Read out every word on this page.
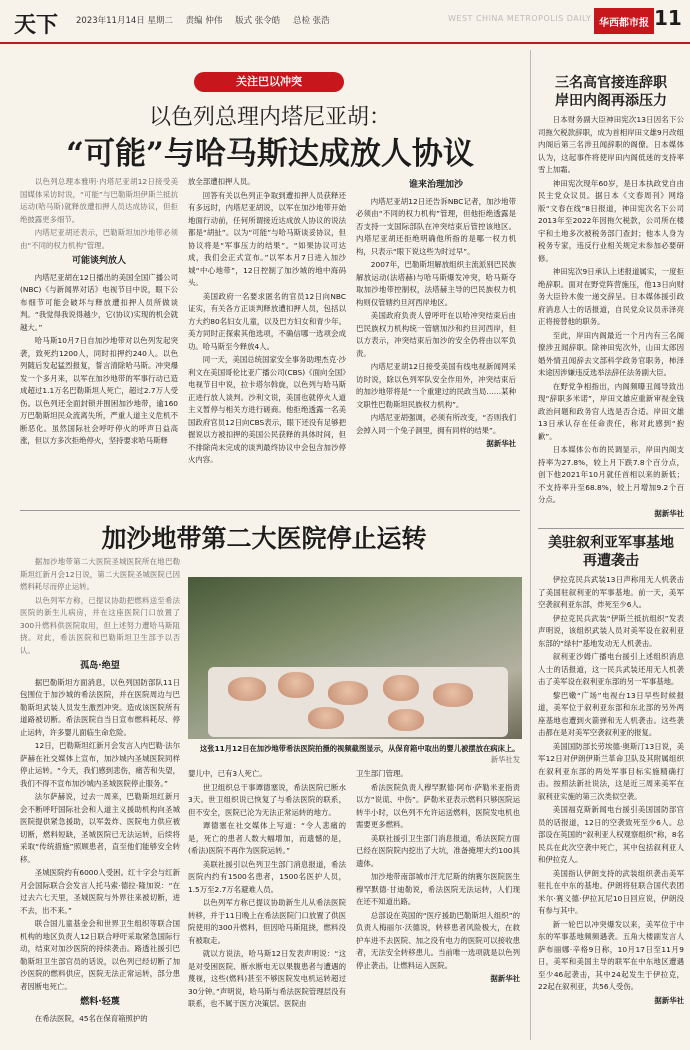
天下 2023年11月14日 星期二 责编 仲伟 版式 张令皓 总检 张浩	WEST CHINA METROPOLIS DAILY 华西都市报 11
关注巴以冲突
以色列总理内塔尼亚胡：
“可能”与哈马斯达成放人协议

以色列总理本雅明·内塔尼亚胡12日接受美国媒体采访时说，“可能”与巴勒斯坦伊斯兰抵抗运动(哈马斯)就释放遭扣押人员达成协议，但拒绝披露更多细节。

内塔尼亚胡还表示，巴勒斯坦加沙地带必须由“不同的权力机构”管理。

可能谈判放人

内塔尼亚胡在12日播出的美国全国广播公司(NBC)《与新闻界对话》电视节目中说，眼下公布细节可能会破坏与释放遭扣押人员所做谈判。“我觉得我说得越少，它(协议)实现的机会就越大。”

哈马斯10月7日自加沙地带对以色列发起突袭，致死约1200人，同时扣押约240人。以色列随后发起猛烈报复，誓言清除哈马斯。冲突爆发一个多月来，以军在加沙地带的军事行动已造成超过1.1万名巴勒斯坦人死亡，超过2.7万人受伤。以色列还全面封锁并围困加沙地带，逾160万巴勒斯坦民众流离失所，严重人道主义危机不断恶化。虽然国际社会呼吁停火的呼声日益高涨，但以方多次拒绝停火，坚持要求哈马斯释

放全部遭扣押人员。

回答有关以色列正争取到遭扣押人员获释还有多远时，内塔尼亚胡说，以军在加沙地带开始地面行动前，任何所谓接近达成放人协议的说法都是“胡扯”。以为“可能”与哈马斯谈妥协议，但协议将是“军事压力的结果”。“如果协议可达成，我们会正式宣布。”以军本月7日进入加沙城“中心地带”，12日控制了加沙城的地中海码头。

美国政府一名要求匿名的官员12日向NBC证实，有关各方正谈判释放遭扣押人员，包括以方大约80名妇女儿童，以及巴方妇女和青少年。美方同时正探索其他选项，不确信哪一选项会成功。哈马斯至今释放4人。

同一天，美国总统国家安全事务助理杰克·沙利文在美国哥伦比亚广播公司(CBS)《面向全国》电视节目中说，拉卡塔尔斡旋，以色列与哈马斯正进行放人谈判。沙利文说，美国也就停火人道主义暂停与相关方进行磋商。他拒绝透露一名美国政府官员12日向CBS表示，眼下还没有足够把握说以方被扣押的美国公民获释的具体时间，但不排除尚未完成的谈判最终协议中会包含加沙停火内容。

谁来治理加沙

内塔尼亚胡12日还告诉NBC记者，加沙地带必须由“不同的权力机构”管理，但他拒绝透露是否支持一支国际部队在冲突结束后管控该地区。内塔尼亚胡还拒绝明确他所指的是哪一权力机构，只表示“眼下说这些为时过早”。

2007年，巴勒斯坦解放组织主流派别巴民族解放运动(法塔赫)与哈马斯爆发冲突，哈马斯夺取加沙地带控制权，法塔赫主导的巴民族权力机构则仅管辖约旦河西岸地区。

美国政府负责人曾呼吁在以哈冲突结束后由巴民族权力机构统一管辖加沙和约旦河西岸，但以方表示，冲突结束后加沙的安全仍将由以军负责。

内塔尼亚胡12日接受美国有线电视新闻网采访时说，除以色列军队安全作用外，冲突结束后的加沙地带将是“一个重建过的民政当局……某种文职性巴勒斯坦民族权力机构”。

内塔尼亚胡强调，必须有所改变，“否则我们会掉入同一个兔子洞里，拥有同样的结果”。

据新华社

加沙地带第二大医院停止运转

据加沙地带第二大医院圣城医院所在地巴勒斯坦红新月会12日说，第二大医院圣城医院已因燃料耗尽而停止运转。

以色列军方称，已提议协助把燃料送至希法医院的新生儿病房，并在这座医院门口放置了300升燃料供医院取用，但上述努力遭哈马斯阻挠。对此，希法医院和巴勒斯坦卫生部予以否认。

孤岛·绝望

据巴勒斯坦方面消息，以色列国防部队11日包围位于加沙城的希法医院，并在医院周边与巴勒斯坦武装人员发生激烈冲突。造成该医院所有道路被切断。希法医院自当日宣布燃料耗尽、停止运转，许多婴儿面临生命危险。

12日，巴勒斯坦红新月会发言人内巴勒·法尔萨赫在社交媒体上宣布，加沙城内圣城医院同样停止运转。“今天，我们感到悲伤，痛苦和失望，我们不得不宣布加沙城内圣城医院停止服务。”

法尔萨赫说，过去一周来，巴勒斯坦红新月会不断呼吁国际社会和人道主义援助机构向圣城医院提供紧急援助，以军轰炸、医院电力供应被切断，燃料短缺，圣城医院已无法运转，后续将采取“传统措施”照顾患者，直至他们能够安全转移。

圣城医院约有6000人受困。红十字会与红新月会国际联合会发言人托马索·德拉·隆加说：“在过去六七天里，圣城医院与外界往来被切断，进不去，出不来。”

联合国儿童基金会和世界卫生组织等联合国机构的地区负责人12日联合呼吁采取紧急国际行动，结束对加沙医院的持续袭击。路透社援引巴勒斯坦卫生部官员的话说，以色列已经切断了加沙医院的燃料供应，医院无法正常运转，部分患者因断电死亡。

燃料·轻蔑

在希法医院，45名在保育箱照护的

这张11月12日在加沙地带希法医院拍摄的视频截图显示，从保育箱中取出的婴儿被摆放在病床上。
新华社发

婴儿中，已有3人死亡。

世卫组织总干事谭德塞说，希法医院已断水3天。世卫组织说已恢复了与希法医院的联系，但不安全，医院已沦为无法正常运转的地方。

谭德塞在社交媒体上写道：“令人悲痛的是，死亡的患者人数大幅增加，而遗憾的是，(希法)医院不再作为医院运转。”

美联社援引以色列卫生部门消息报道，希法医院内约有1500名患者，1500名医护人员，1.5万至2.7万名避难人员。

以色列军方称已提议协助新生儿从希法医院转移，并于11日晚上在希法医院门口放置了供医院使用的300升燃料，但因哈马斯阻挠，燃料没有被取走。

就以方说法，哈马斯12日发表声明说：“这是对受困医院、断水断电无以果腹患者与遭遇的蔑视，这些(燃料)甚至不够医院发电机运转超过30分钟。”声明说，哈马斯与希法医院管理层没有联系，也不属于医方决策层。医院由

卫生部门管理。

希法医院负责人穆罕默德·阿布·萨勒米亚指责以方“说谎、中伤”。萨勒米亚表示燃料只够医院运转半小时，以色列不允许运送燃料，医院发电机也需要更多燃料。

美联社援引卫生部门消息报道，希法医院方面已经在医院院内挖出了大坑，准备掩埋大约100具遗体。

加沙地带南部城市汗尤尼斯的纳赛尔医院医生穆罕默德·甘迪勒说，希法医院无法运转，人们现在还不知道出路。

总部设在英国的“医疗援助巴勒斯坦人组织”的负责人梅丽尔·沃德说，转移患者风险极大，在救护车进不去医院、加之没有电力的医院可以接收患者，无法安全转移患儿。当前唯一选项就是以色列停止袭击，让燃料运入医院。

据新华社

三名高官接连辞职
岸田内阁再添压力

日本财务副大臣神田宪次13日因名下公司拖欠税款辞职，成为首相岸田文雄9月改组内阁后第三名涉丑闻辞职的阁僚。日本媒体认为，这起事件将使岸田内阁低迷的支持率雪上加霜。

神田宪次现年60岁，是日本执政党自由民主党众议员。据日本《文春周刊》网络版“文春在线”8日报道，神田宪次名下公司2013年至2022年因拖欠税款，公司所在楼宇和土地多次被税务部门查封；他本人身为税务专家，违反行业相关规定未参加必要研修。

神田宪次9日承认上述报道属实，一度拒绝辞职。面对在野党阵营施压，他13日向财务大臣铃木俊一递交辞呈。日本媒体援引政府消息人士的话报道，自民党众议员赤泽亮正将接替他的职务。

至此，岸田内阁最近一个月内有三名阁僚涉丑闻辞职。除神田宪次外，山田太郎因婚外情丑闻辞去文部科学政务官职务，柿泽未途因涉嫌违反选举法辞任法务副大臣。

在野党争相指出，内阁频曝丑闻导致出现“辞职多米诺”，岸田文雄应重新审视金钱政治问题和政务官人选是否合适。岸田文雄13日承认存在任命责任，称对此感到“抱歉”。

日本媒体公布的民调显示，岸田内阁支持率为27.8%，较上月下跌7.8个百分点，创下他2021年10月就任首相以来的新低；不支持率升至68.8%，较上月增加9.2个百分点。

据新华社

美驻叙利亚军事基地
再遭袭击

伊拉克民兵武装13日声称用无人机袭击了美国驻叙利亚的军事基地。前一天，美军空袭叙利亚东部，炸死至少6人。

伊拉克民兵武装“伊斯兰抵抗组织”发表声明说，该组织武装人员对美军设在叙利亚东部的“绿村”基地发动无人机袭击。

叙利亚沙姆广播电台援引上述组织消息人士的话报道，这一民兵武装还用无人机袭击了美军设在叙利亚东部的另一军事基地。

黎巴嫩“广场”电视台13日早些时候报道，美军位于叙利亚东部和东北部的另外两座基地也遭到火箭弹和无人机袭击。这些袭击都在是对美军空袭叙利亚的报复。

美国国防部长劳埃德·奥斯汀13日说，美军12日对伊朗伊斯兰革命卫队及其附属组织在叙利亚东部的两处军事目标实施精确打击。按照法新社说法，这是近三周来美军在叙利亚实施的第三次类似空袭。

美国福克斯新闻电台援引美国国防部官员的话报道，12日的空袭致死至少6人。总部设在英国的“叙利亚人权观察组织”称，8名民兵在此次空袭中死亡，其中包括叙利亚人和伊拉克人。

美国指认伊朗支持的武装组织袭击美军驻扎在中东的基地。伊朗将驻联合国代表团米尔·赛义德·伊拉瓦尼10日回应说，伊朗没有参与其中。

新一轮巴以冲突爆发以来，美军位于中东的军事基地频频遇袭。五角大楼副发言人萨布丽娜·辛格9日称，10月17日至11月9日，美军和美国主导的联军在中东地区遭遇至少46起袭击，其中24起发生于伊拉克，22起在叙利亚，共56人受伤。

据新华社
